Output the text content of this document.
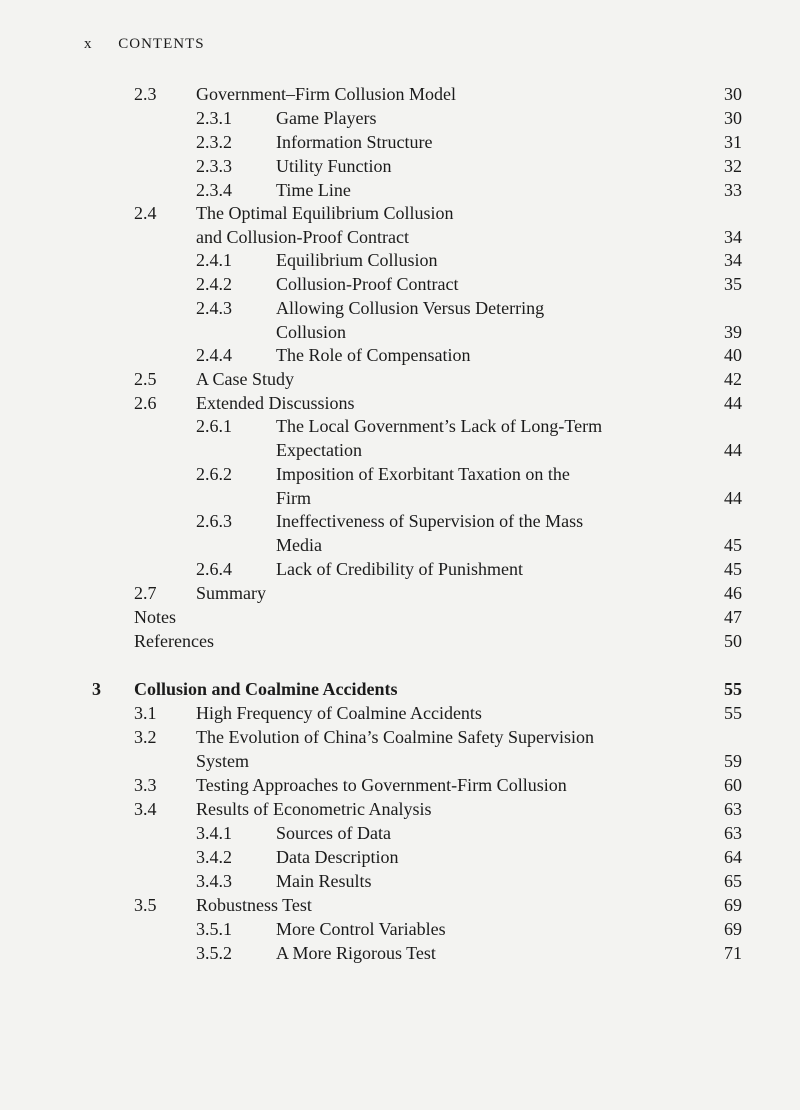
x CONTENTS
2.3 Government–Firm Collusion Model	30
2.3.1 Game Players	30
2.3.2 Information Structure	31
2.3.3 Utility Function	32
2.3.4 Time Line	33
2.4 The Optimal Equilibrium Collusion
and Collusion-Proof Contract	34
2.4.1 Equilibrium Collusion	34
2.4.2 Collusion-Proof Contract	35
2.4.3 Allowing Collusion Versus Deterring
Collusion	39
2.4.4 The Role of Compensation	40
2.5 A Case Study	42
2.6 Extended Discussions	44
2.6.1 The Local Government’s Lack of Long-Term
Expectation	44
2.6.2 Imposition of Exorbitant Taxation on the
Firm	44
2.6.3 Ineffectiveness of Supervision of the Mass
Media	45
2.6.4 Lack of Credibility of Punishment	45
2.7 Summary	46
Notes	47
References	50
3 Collusion and Coalmine Accidents	55
3.1 High Frequency of Coalmine Accidents	55
3.2 The Evolution of China’s Coalmine Safety Supervision
System	59
3.3 Testing Approaches to Government-Firm Collusion	60
3.4 Results of Econometric Analysis	63
3.4.1 Sources of Data	63
3.4.2 Data Description	64
3.4.3 Main Results	65
3.5 Robustness Test	69
3.5.1 More Control Variables	69
3.5.2 A More Rigorous Test	71
